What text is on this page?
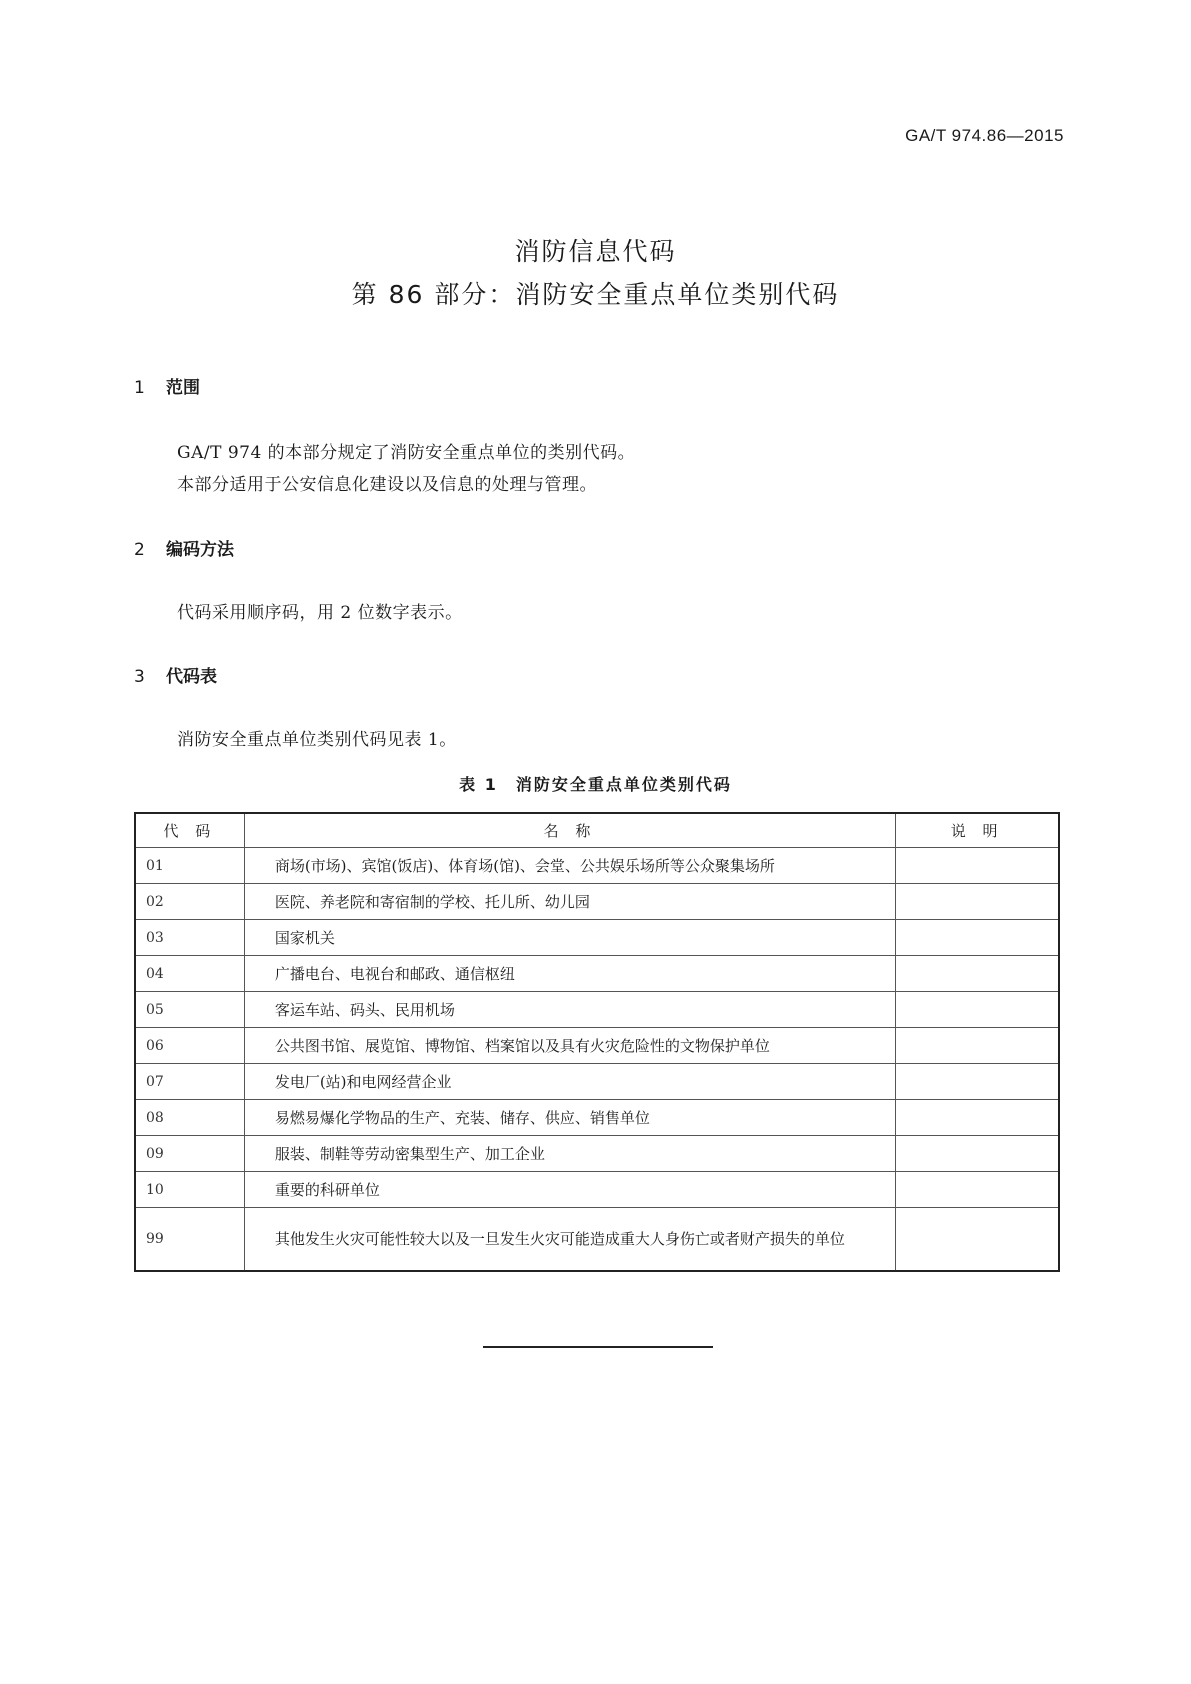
GA/T 974.86—2015
消防信息代码
第 86 部分：消防安全重点单位类别代码
1 范围
GA/T 974 的本部分规定了消防安全重点单位的类别代码。
本部分适用于公安信息化建设以及信息的处理与管理。
2 编码方法
代码采用顺序码，用 2 位数字表示。
3 代码表
消防安全重点单位类别代码见表 1。
表 1　消防安全重点单位类别代码
代 码	名 称	说 明
01	商场(市场)、宾馆(饭店)、体育场(馆)、会堂、公共娱乐场所等公众聚集场所	
02	医院、养老院和寄宿制的学校、托儿所、幼儿园	
03	国家机关	
04	广播电台、电视台和邮政、通信枢纽	
05	客运车站、码头、民用机场	
06	公共图书馆、展览馆、博物馆、档案馆以及具有火灾危险性的文物保护单位	
07	发电厂(站)和电网经营企业	
08	易燃易爆化学物品的生产、充装、储存、供应、销售单位	
09	服装、制鞋等劳动密集型生产、加工企业	
10	重要的科研单位	
99	其他发生火灾可能性较大以及一旦发生火灾可能造成重大人身伤亡或者财产损失的单位	
